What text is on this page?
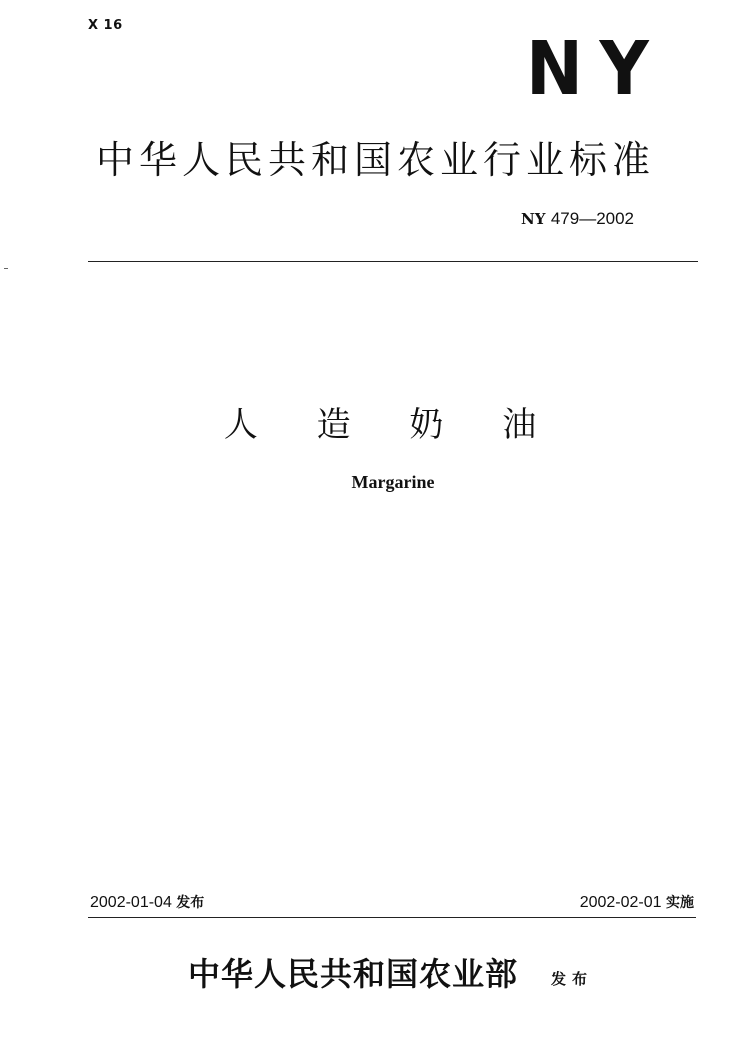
X 16
NY
中华人民共和国农业行业标准
NY 479—2002
人 造 奶 油
Margarine
2002-01-04 发布	2002-02-01 实施
中华人民共和国农业部 发布
